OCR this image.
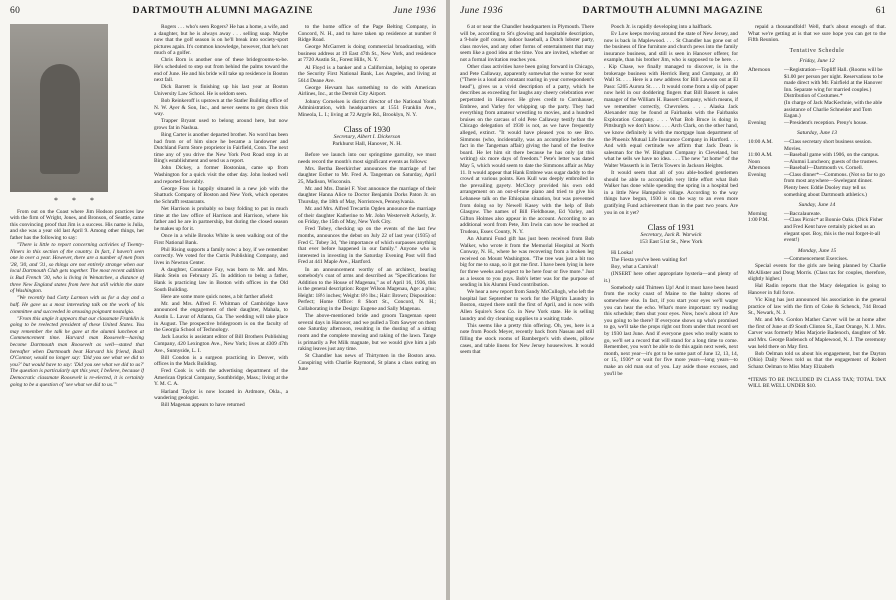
60	DARTMOUTH ALUMNI MAGAZINE	June 1936
* * *

From out on the Coast where Jim Hodson practices law with the firm of Wright, Jones, and Bronson, of Seattle, came this convincing proof that Jim is a success. His name is Julia, and she was a year old last April 9. Among other things, her father has the following to say:

"There is little to report concerning activities of Twenty-Niners in this section of the country. In fact, I haven't seen one in over a year. However, there are a number of men from '28, '30, and '31, so things are not entirely strange when our local Dartmouth Club gets together. The most recent addition is Bud French '30, who is living in Wenatchee, a distance of three New England states from here but still within the state of Washington.

"We recently had Cotty Larmon with us for a day and a half. He gave us a most interesting talk on the work of his committee and succeeded in arousing poignant nostalgia.

"From this angle it appears that our classmate Franklin is going to be reelected president of these United States. You may remember the talk he gave at the alumni luncheon at Commencement time. Harvard man Roosevelt—having become Dartmouth man Roosevelt as well—stated that hereafter when Dartmouth beat Harvard his friend, Basil O'Connor, would no longer say: 'Did you see what we did to you?' but would have to say: 'Did you see what we did to us?' The question is particularly apt this year, I believe, because if Democratic classmate Roosevelt is re-elected, it is certainly going to be a question of 'see what we did to us.'"

Rogers . . . who's seen Rogers? He has a home, a wife, and a daughter, but he is always away . . . selling soap. Maybe now that the golf season is on he'll break into society-sport pictures again. It's common knowledge, however, that he's not much of a golfer.

Chris Born is another one of these bridegrooms-to-be. He's scheduled to step out from behind the palms toward the end of June. He and his bride will take up residence in Boston next fall.

Dick Barrett is finishing up his last year at Boston University Law School. He is seldom seen.

Bob Reinkeroff is upstown at the Statler Building office of N. W. Ayer & Son, Inc., and never seems to get down this way.

Trapper Bryant used to belong around here, but now grows fat in Nashua.

Bing Carter is another departed brother. No word has been had from or of him since he became a landowner and Dutchland Farm Store proprietor in Fairfield, Conn. The next time any of you drive the New York Post Road stop in at Bing's establishment and send us a report.

John Dickey, a former Bostonian, came up from Washington for a quick visit the other day. John looked well and reported favorably.

George Foss is happily situated in a new job with the Shattuck Company of Boston and New York, which operates the Schrafft restaurants.

Net Harrison is probably so busy folding to put in much time at the law office of Harrison and Harrison, where his father and he are in partnership, but during the closed season he makes up for it.

Once in a while Brooks White is seen walking out of the First National Bank.

Phil Rising supports a family now: a boy, if we remember correctly. We voted for the Curtis Publishing Company, and lives in Newton Center.

A daughter, Constance Fay, was born to Mr. and Mrs. Hank Stein on February 25. In addition to being a father, Hank is practicing law in Boston with offices in the Old South Building.

Here are some more quick notes, a bit farther afield:

Mr. and Mrs. Alfred F. Whitman of Cambridge have announced the engagement of their daughter, Mahala, to Austin L. Lavar of Atlanta, Ga. The wedding will take place in August. The prospective bridegroom is on the faculty of the Georgia School of Technology.

Jack Loucks is assistant editor of Bill Brothers Publishing Company, 420 Lexington Ave., New York; lives at 4309 47th Ave., Sunnyside, L. I.

Bill Condon is a surgeon practicing in Denver, with offices in the Mack Building.

Fred Cook is with the advertising department of the American Optical Company, Southbridge, Mass.; living at the Y. M. C. A.

Harland Taylor is now located in Ardmore, Okla., a wandering geologist.

Bill Magenau appears to have returned

to the home office of the Page Belting Company, in Concord, N. H., and to have taken up residence at number 8 Ridge Road.

George McGarrett is doing commercial broadcasting, with business address at 19 East 47th St., New York, and residence at 7720 Austin St., Forest Hills, N. Y.

Al Floyd is a banker and a Californian, helping to operate the Security First National Bank, Los Angeles, and living at 5614 Deane Ave.

George Hevsam has something to do with American Airlines, Inc., at the Detroit City Airport.

Johnny Cornelsen is district director of the National Youth Administration, with headquarters at 1551 Franklin Ave., Mineola, L. I.; living at 72 Argyle Rd., Brooklyn, N. Y.

Class of 1930
Secretary, Albert I. Dickerson
Parkhurst Hall, Hanover, N. H.

Before we launch into our springtime garrulity, we must needs record the month's most significant events as follows:

Mrs. Bertha Beerkircher announces the marriage of her daughter Esther to Mr. Fred A. Tangeman on Saturday, April 25, Madison, Wisconsin.

Mr. and Mrs. Daniel F. Yost announce the marriage of their daughter Hanna Alice to Doctor Benjamin Dorks Paton Jr. on Thursday, the 18th of May, Norristown, Pennsylvania.

Mr. and Mrs. Alfred Trecartin Ogden announce the marriage of their daughter Katherine to Mr. John Westervelt Ackerly, Jr. on Friday, the 15th of May, New York City.

Fred Tobey, checking up on the events of the last few months, announces the debut on July 22 of last year (1935) of Fred C. Tobey 3d, "the importance of which surpasses anything that ever before happened in our family." Anyone who is interested in investing in the Saturday Evening Post will find Fred at 441 Maple Ave., Hartford.

In an announcement worthy of an architect, bearing somebody's coat of arms and described as "Specifications for Addition to the House of Magenau," as of April 16, 1936, this is the general description: Roger Wilson Magenau, Age: a plus; Height: 18½ inches; Weight: 8½ lbs.; Hair: Brown; Disposition: Perfect; Home Office: 8 Short St., Concord, N. H.; Collaborating in the Design: Eugene and Sally Magenau.

The above-mentioned bride and groom Tangeman spent several days in Hanover, and we pulled a Tom Sawyer on them one Saturday afternoon, resulting in the dusting of a sitting room and the complete mowing and raking of the lawn. Tange is primarily a Pet Milk magnate, but we would give him a job raking leaves just any time.

St Chandler has news of Thirtymen in the Boston area. Conspiring with Charlie Raymond, St plans a class outing on June

June 1936	DARTMOUTH ALUMNI MAGAZINE	61

6 at or near the Chandler headquarters in Plymouth. There will be, according to St's glowing and hospitable description, a 9-hole golf course, indoor baseball, a Dutch lobster party, class movies, and any other forms of entertainment that may seem like a good idea at the time. You are invited, whether or not a formal invitation reaches you.

Other class activities have been going forward in Chicago, and Pete Callaway, apparently somewhat the worse for wear ("There is a loud and constant roaring in your correspondent's head"), gives us a vivid description of a party, which he describes as exceeding for laughs any cheery celebration ever perpetrated in Hanover. He gives credit to Cornhauser, Embree, and Varley for whipping up the party. They had everything from amateur wrestling to movies, and a hundred bruises on the carcass of old Pete Callaway testify that the Chicago delegation of 1930 is not, as we have frequently alleged, extinct. "It would have pleased you to see Bro. Simmons (who, incidentally, was an accomplice before the fact in the Tangeman affair) giving the hand of the festive board. He let him sit there because he has only (at this writing) six more days of freedom." Pete's letter was dated May 5, which would seem to date the Simmons affair as May 11. It would appear that Hank Embree was sugar daddy to the crowd at various points. Ken Kull was deeply embroiled in the prevailing gayety. McClory provided his own odd arrangement on an out-of-tune piano and tried to give his Lebanese talk on the Ethiopian situation, but was prevented from doing so by Newell Kasey with the help of Bob Glasgow. The names of Bill Fieldhouse, Ed Varley, and Gifton Holmes also appear in the account. According to an additional word from Pete, Jim Irwin can now be reached at Trudeau, Essex County, N. Y.

An Alumni Fund gift has just been received from Bob Walker, who wrote it from the Memorial Hospital at North Conway, N. H., where he was recovering from a broken leg received on Mount Washington. "The tree was just a bit too big for me to snap, so it got me first. I have been lying in here for three weeks and expect to be here four or five more." Just as a lesson to you guys. Bob's letter was for the purpose of sending in his Alumni Fund contribution.

We hear a new report from Sandy McCullogh, who left the hospital last September to work for the Pilgrim Laundry in Boston, stayed there until the first of April, and is now with Allen Squire's Sons Co. in New York state. He is selling laundry and dry cleaning supplies to a waiting trade.

This seems like a pretty thin offering. Oh, yes, here is a note from Poock Meyer, recently back from Nassau and still filling the stock rooms of Bamberger's with sheets, pillow cases, and table linens for New Jersey housewives. It would seem that

Pooch Jr. is rapidly developing into a halfback.

Ev Low keeps moving around the state of New Jersey, and now is back in Maplewood. . . . St Chandler has gone out of the business of fine furniture and church pews into the family insurance business, and still is seen in Hanover offerer, for example, than his brother Jim, who is supposed to be here. . . . Kip Chase, we finally managed to discover, is in the brokerage business with Herrick Berg and Company, at 40 Wall St. . . . Here is a new address for Bill Lawson out at El Paso: 5205 Aurora St. . . . It would come from a slip of paper now held in our doddering fingers that Bill Bassett is sales manager of the William H. Bassett Company, which means, if we remember correctly, Chevrolets. . . . Alaska Jack Alexander may be found at Fairbanks with the Fairbanks Exploration Company. . . . What Bob Bruce is doing in Pittsburgh we don't know. . . . Arch Clark, on the other hand, we know definitely is with the mortgage loan department of the Phoenix Mutual Life Insurance Company in Hartford. . . . And with equal certitude we affirm that Jack Dean is salesman for the W. Bingham Company in Cleveland, but what he sells we have no idea. . . . The new "at home" of the Walter Wasserth is in Tetris Towers in Jackson Heights.

It would seem that all of you able-bodied gentlemen should be able to accomplish very little effort what Bob Walker has done while spending the spring in a hospital bed in a little New Hampshire village. According to the way things have begun, 1930 is on the way to an even more gratifying Fund achievement than in the past two years. Are you in on it yet?

Class of 1931
Secretary, Jack R. Warwick
153 East 51st St., New York

Hi Looka!

The Fiesta you've been waiting for!

Boy, what a Carnival!

(INSERT here other appropriate hysteria—and plenty of it.)

Somebody said Thirteen Up! And it must have been heard from the rocky coast of Maine to the balmy shores of somewhere else. In fact, if you start your eyes we'll wager you can hear the echo. What's more important: try reading this schedule; then shut your eyes. Now, how's about it? Are you going to be there? If everyone shows up who's promised to go, we'll take the props right out from under that record set by 1930 last June. And if everyone goes who really wants to go, we'll set a record that will stand for a long time to come. Remember, you won't be able to do this again next week, next month, next year—it's got to be some part of June 12, 13, 14, or 15, 1936* or wait for five more years—long years—to make an old man out of you. Lay aside those excuses, and you'll be

repaid a thousandfold! Well, that's about enough of that. What we're getting at is that we sure hope you can get to the Fifth Reunion.

Tentative Schedule
Friday, June 12
Afternoon	—Registration—Topliff Hall. (Rooms will be $1.00 per person per night. Reservations to be made direct with Mr. Fairfield at the Hanover Inn. Separate wing for married couples.)
Distribution of Costumes.*
(In charge of Jack MacKechnie, with the able assistance of Charlie Schneider and Tom Eagan.)
Evening	—President's reception. Preny's house.
Saturday, June 13
10:00 A.M.	—Class secretary short business session. Movies.
11:00 A.M.	—Baseball game with 1906, on the campus.
Noon	—Alumni Luncheon; guests of the trustees.
Afternoon	—Baseball—Dartmouth vs. Cornell.
Evening	—Class dinner*—Commons. (Not so far to go from most anywhere—Swelegant dinner. Plenty beer. Eddie Dooley may tell us something about Dartmouth athletics.)
Sunday, June 14
Morning	—Baccalaureate.
1:00 P.M.	—Class Picnic* at Bonnie Oaks. (Dick Fisher and Fred Kent have certainly picked us an elegant spot. Boy, this is the real forget-it-all event!)
Monday, June 15
—Commencement Exercises.

Special events for the girls are being planned by Charlie McAllister and Doug Morris. (Class tax for couples, therefore, slightly higher.)

Hal Radin reports that the Macy delegation is going to Hanover in full force.

Vic King has just announced his association in the general practice of law with the firm of Coke & Schenck, 744 Broad St., Newark, N. J.

Mr. and Mrs. Gordon Mather Carver will be at home after the first of June at 49 South Clinton St., East Orange, N. J. Mrs. Carver was formerly Miss Marjorie Badenoch, daughter of Mr. and Mrs. George Badenoch of Maplewood, N. J. The ceremony was held there on May first.

Bob Oelman told us about his engagement, but the Dayton (Ohio) Daily News told us that the engagement of Robert Schanz Oelman to Miss Mary Elizabeth

*ITEMS TO BE INCLUDED IN CLASS TAX; TOTAL TAX WILL BE WELL UNDER $10.
